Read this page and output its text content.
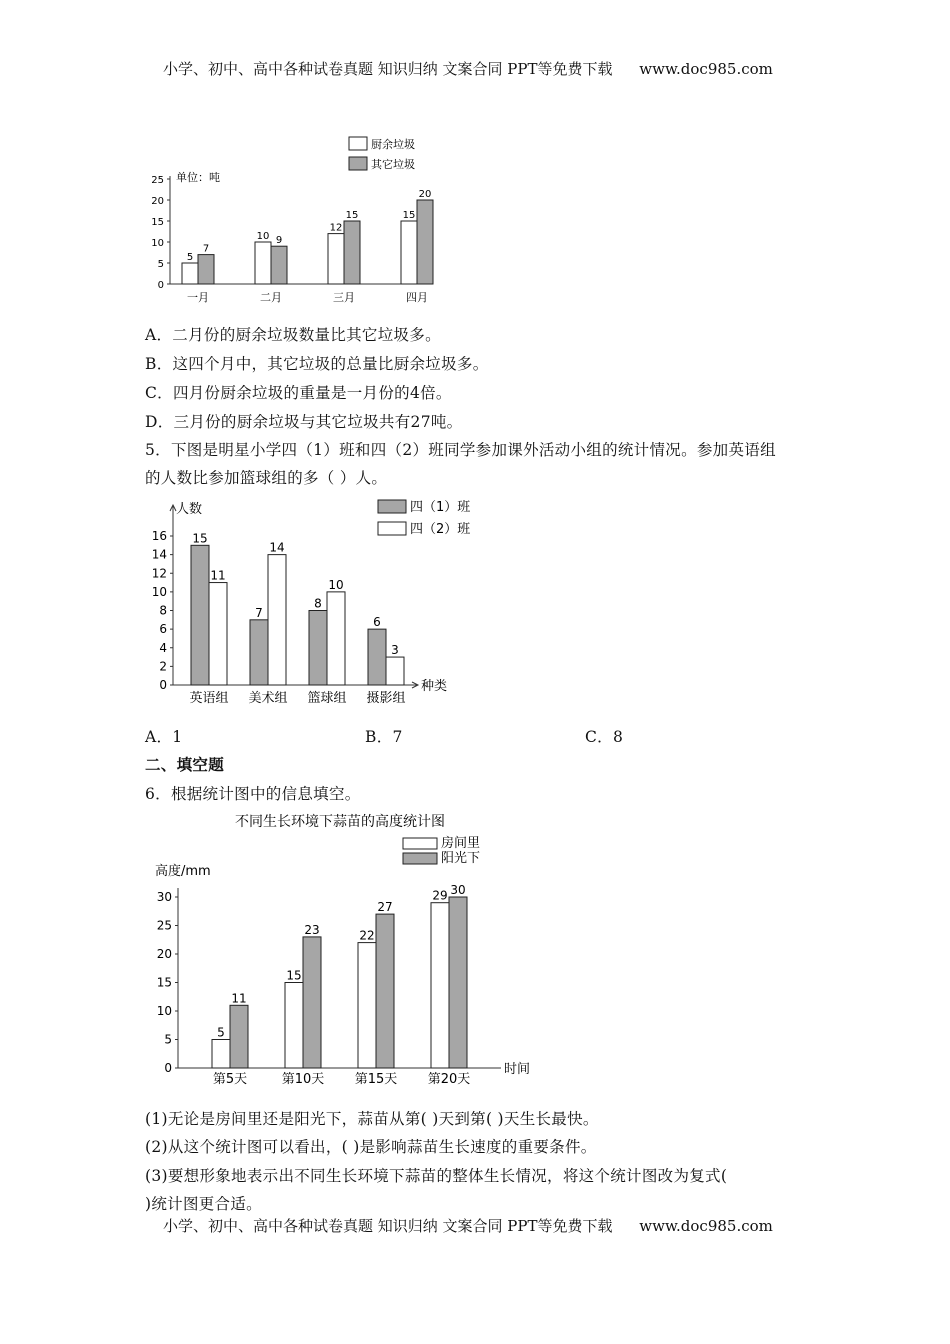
小学、初中、高中各种试卷真题 知识归纳 文案合同 PPT等免费下载 www.doc985.com
0
5
10
15
20
25 单位：吨
5
7
一月
10 9
二月
12
15
三月
15
20
四月
厨余垃圾
其它垃圾
A．二月份的厨余垃圾数量比其它垃圾多。
B．这四个月中，其它垃圾的总量比厨余垃圾多。
C．四月份厨余垃圾的重量是一月份的4倍。
D．三月份的厨余垃圾与其它垃圾共有27吨。
5．下图是明星小学四（1）班和四（2）班同学参加课外活动小组的统计情况。参加英语组
的人数比参加篮球组的多（ ）人。
0
2
4
6
8
10
12
14
16
人数
种类
15
11
英语组
7
14
美术组
8
10
篮球组
6
3
摄影组
四（1）班
四（2）班
A．1	B．7	C．8
二、填空题
6．根据统计图中的信息填空。
0
5
10
15
20
25
30
高度/mm
时间
不同生长环境下蒜苗的高度统计图
5
11
第5天
15
23
第10天
22
27
第15天
29 30
第20天
房间里
阳光下
(1)无论是房间里还是阳光下，蒜苗从第( )天到第( )天生长最快。
(2)从这个统计图可以看出，( )是影响蒜苗生长速度的重要条件。
(3)要想形象地表示出不同生长环境下蒜苗的整体生长情况，将这个统计图改为复式(
)统计图更合适。
小学、初中、高中各种试卷真题 知识归纳 文案合同 PPT等免费下载 www.doc985.com
